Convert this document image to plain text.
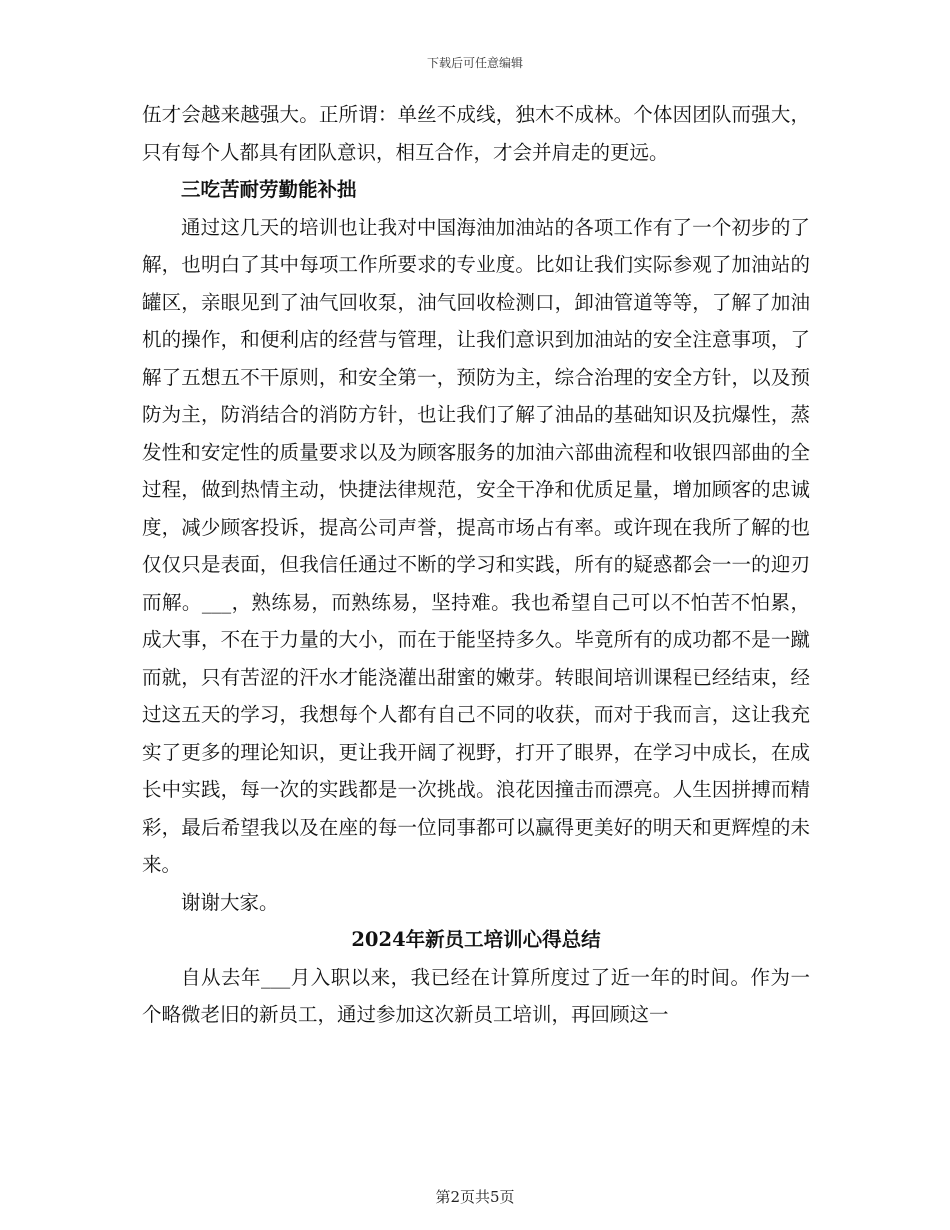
下载后可任意编辑

伍才会越来越强大。正所谓：单丝不成线，独木不成林。个体因团队而强大，只有每个人都具有团队意识，相互合作，才会并肩走的更远。

三吃苦耐劳勤能补拙

通过这几天的培训也让我对中国海油加油站的各项工作有了一个初步的了解，也明白了其中每项工作所要求的专业度。比如让我们实际参观了加油站的罐区，亲眼见到了油气回收泵，油气回收检测口，卸油管道等等，了解了加油机的操作，和便利店的经营与管理，让我们意识到加油站的安全注意事项，了解了五想五不干原则，和安全第一，预防为主，综合治理的安全方针，以及预防为主，防消结合的消防方针，也让我们了解了油品的基础知识及抗爆性，蒸发性和安定性的质量要求以及为顾客服务的加油六部曲流程和收银四部曲的全过程，做到热情主动，快捷法律规范，安全干净和优质足量，增加顾客的忠诚度，减少顾客投诉，提高公司声誉，提高市场占有率。或许现在我所了解的也仅仅只是表面，但我信任通过不断的学习和实践，所有的疑惑都会一一的迎刃而解。___，熟练易，而熟练易，坚持难。我也希望自己可以不怕苦不怕累，成大事，不在于力量的大小，而在于能坚持多久。毕竟所有的成功都不是一蹴而就，只有苦涩的汗水才能浇灌出甜蜜的嫩芽。转眼间培训课程已经结束，经过这五天的学习，我想每个人都有自己不同的收获，而对于我而言，这让我充实了更多的理论知识，更让我开阔了视野，打开了眼界，在学习中成长，在成长中实践，每一次的实践都是一次挑战。浪花因撞击而漂亮。人生因拼搏而精彩，最后希望我以及在座的每一位同事都可以赢得更美好的明天和更辉煌的未来。

谢谢大家。

2024年新员工培训心得总结

自从去年___月入职以来，我已经在计算所度过了近一年的时间。作为一个略微老旧的新员工，通过参加这次新员工培训，再回顾这一

第2页共5页
